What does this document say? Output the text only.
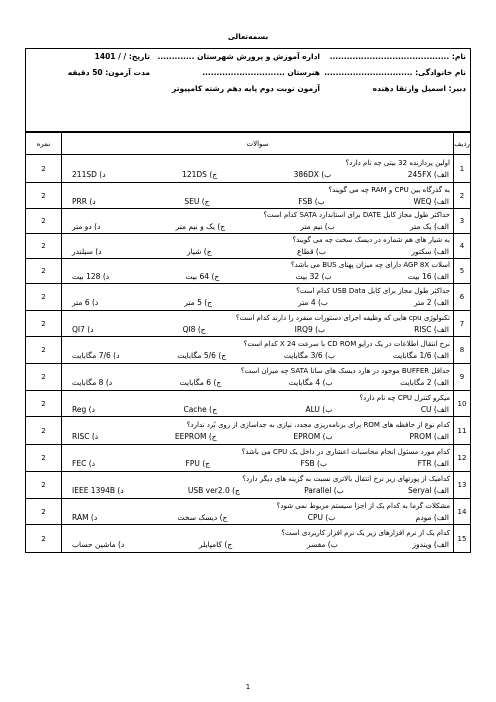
بسمه‌تعالی
نام: ..........................................
نام خانوادگی: ...............................
دبیر: اسمیل وارتقا دهنده
اداره آموزش و پرورش شهرستان .............
هنرستان .............................
آزمون نوبت دوم پایه دهم رشته کامپیوتر
تاریخ: / / 1401
مدت آزمون: 50 دقیقه
ردیف	سوالات	نمره
1	اولین پردازنده 32 بیتی چه نام دارد؟
الف) 245FX
ب) 386DX
ج) 121DS
د) 211SD	2
2	به گذرگاه بین CPU و RAM چه می گویند؟
الف) WEQ
ب) FSB
ج) SEU
د) PRR	2
3	حداکثر طول مجاز کابل DATE برای استاندارد SATA کدام است؟
الف) یک متر
ب) نیم متر
ج) یک و نیم متر
د) دو متر	2
4	به شیار های هم شماره در دیسک سخت چه می گویند؟
الف) سکتور
ب) قطاع
ج) شیار
د) سیلندر	2
5	اسلات AGP 8X دارای چه میزان پهنای BUS می باشد؟
الف) 16 بیت
ب) 32 بیت
ج) 64 بیت
د) 128 بیت	2
6	حداکثر طول مجاز برای کابل USB Data کدام است؟
الف) 2 متر
ب) 4 متر
ج) 5 متر
د) 6 متر	2
7	تکنولوژی cpu هایی که وظیفه اجرای دستورات منفرد را دارند کدام است؟
الف) RISC
ب) IRQ9
ج) QI8
د) QI7	2
8	نرخ انتقال اطلاعات در یک درایو CD ROM با سرعت 24 X کدام است؟
الف) 1/6 مگابایت
ب) 3/6 مگابایت
ج) 5/6 مگابایت
د) 7/6 مگابایت	2
9	حداقل BUFFER موجود در هارد دیسک های ساتا SATA چه میزان است؟
الف) 2 مگابایت
ب) 4 مگابایت
ج) 6 مگابایت
د) 8 مگابایت	2
10	میکرو کنترل CPU چه نام دارد؟
الف) CU
ب) ALU
ج) Cache
د) Reg	2
11	کدام نوع از حافظه های ROM برای برنامه‌ریزی مجدد، نیازی به جداسازی از روی بُرد ندارد؟
الف) PROM
ب) EPROM
ج) EEPROM
د) RISC	2
12	کدام مورد مسئول انجام محاسبات اعشاری در داخل یک CPU می باشد؟
الف) FTR
ب) FSB
ج) FPU
د) FEC	2
13	کدامیک از پورتهای زیر نرخ انتقال بالاتری نسبت به گزینه های دیگر دارد؟
الف) Seryal
ب) Parallel
ج) USB ver2.0
د) IEEE 1394B	2
14	مشکلات گرما به کدام یک از اجزا سیستم مربوط نمی شود؟
الف) مودم
ب) CPU
ج) دیسک سخت
د) RAM	2
15	کدام یک از نرم افزارهای زیر یک نرم افزار کاربردی است؟
الف) ویندوز
ب) مفسر
ج) کامپایلر
د) ماشین حساب	2
1
